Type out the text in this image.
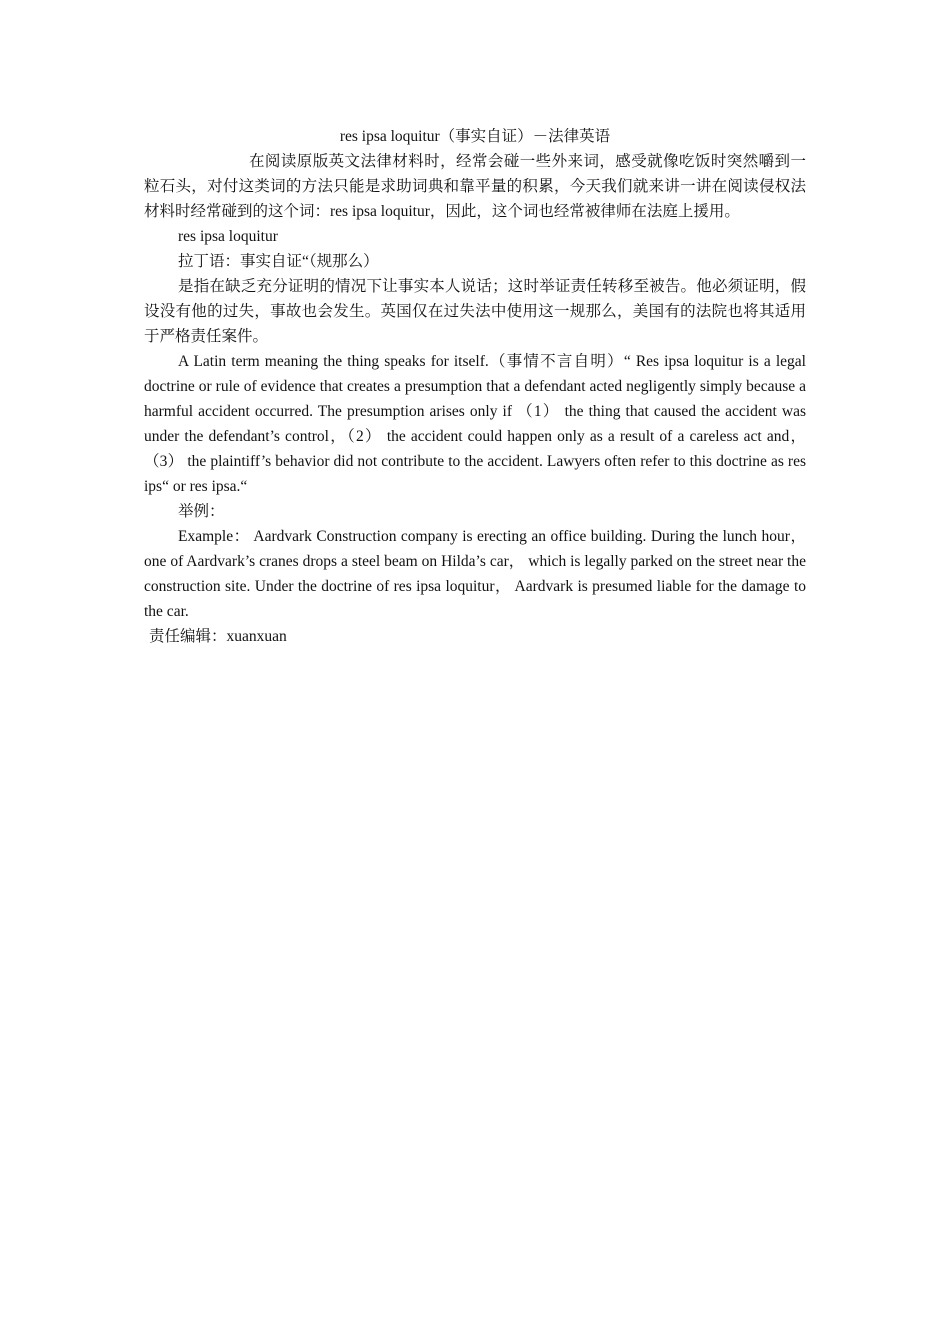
res ipsa loquitur（事实自证）－法律英语

在阅读原版英文法律材料时，经常会碰一些外来词，感受就像吃饭时突然嚼到一粒石头，对付这类词的方法只能是求助词典和靠平量的积累，今天我们就来讲一讲在阅读侵权法材料时经常碰到的这个词：res ipsa loquitur，因此，这个词也经常被律师在法庭上援用。

res ipsa loquitur

拉丁语：事实自证“（规那么）

是指在缺乏充分证明的情况下让事实本人说话；这时举证责任转移至被告。他必须证明，假设没有他的过失，事故也会发生。英国仅在过失法中使用这一规那么，美国有的法院也将其适用于严格责任案件。

A Latin term meaning the thing speaks for itself.（事情不言自明）“ Res ipsa loquitur is a legal doctrine or rule of evidence that creates a presumption that a defendant acted negligently simply because a harmful accident occurred. The presumption arises only if （1） the thing that caused the accident was under the defendant’s control，（2） the accident could happen only as a result of a careless act and，（3） the plaintiff’s behavior did not contribute to the accident. Lawyers often refer to this doctrine as res ips“ or res ipsa.“

举例：

Example： Aardvark Construction company is erecting an office building. During the lunch hour， one of Aardvark’s cranes drops a steel beam on Hilda’s car， which is legally parked on the street near the construction site. Under the doctrine of res ipsa loquitur， Aardvark is presumed liable for the damage to the car.

责任编辑：xuanxuan
